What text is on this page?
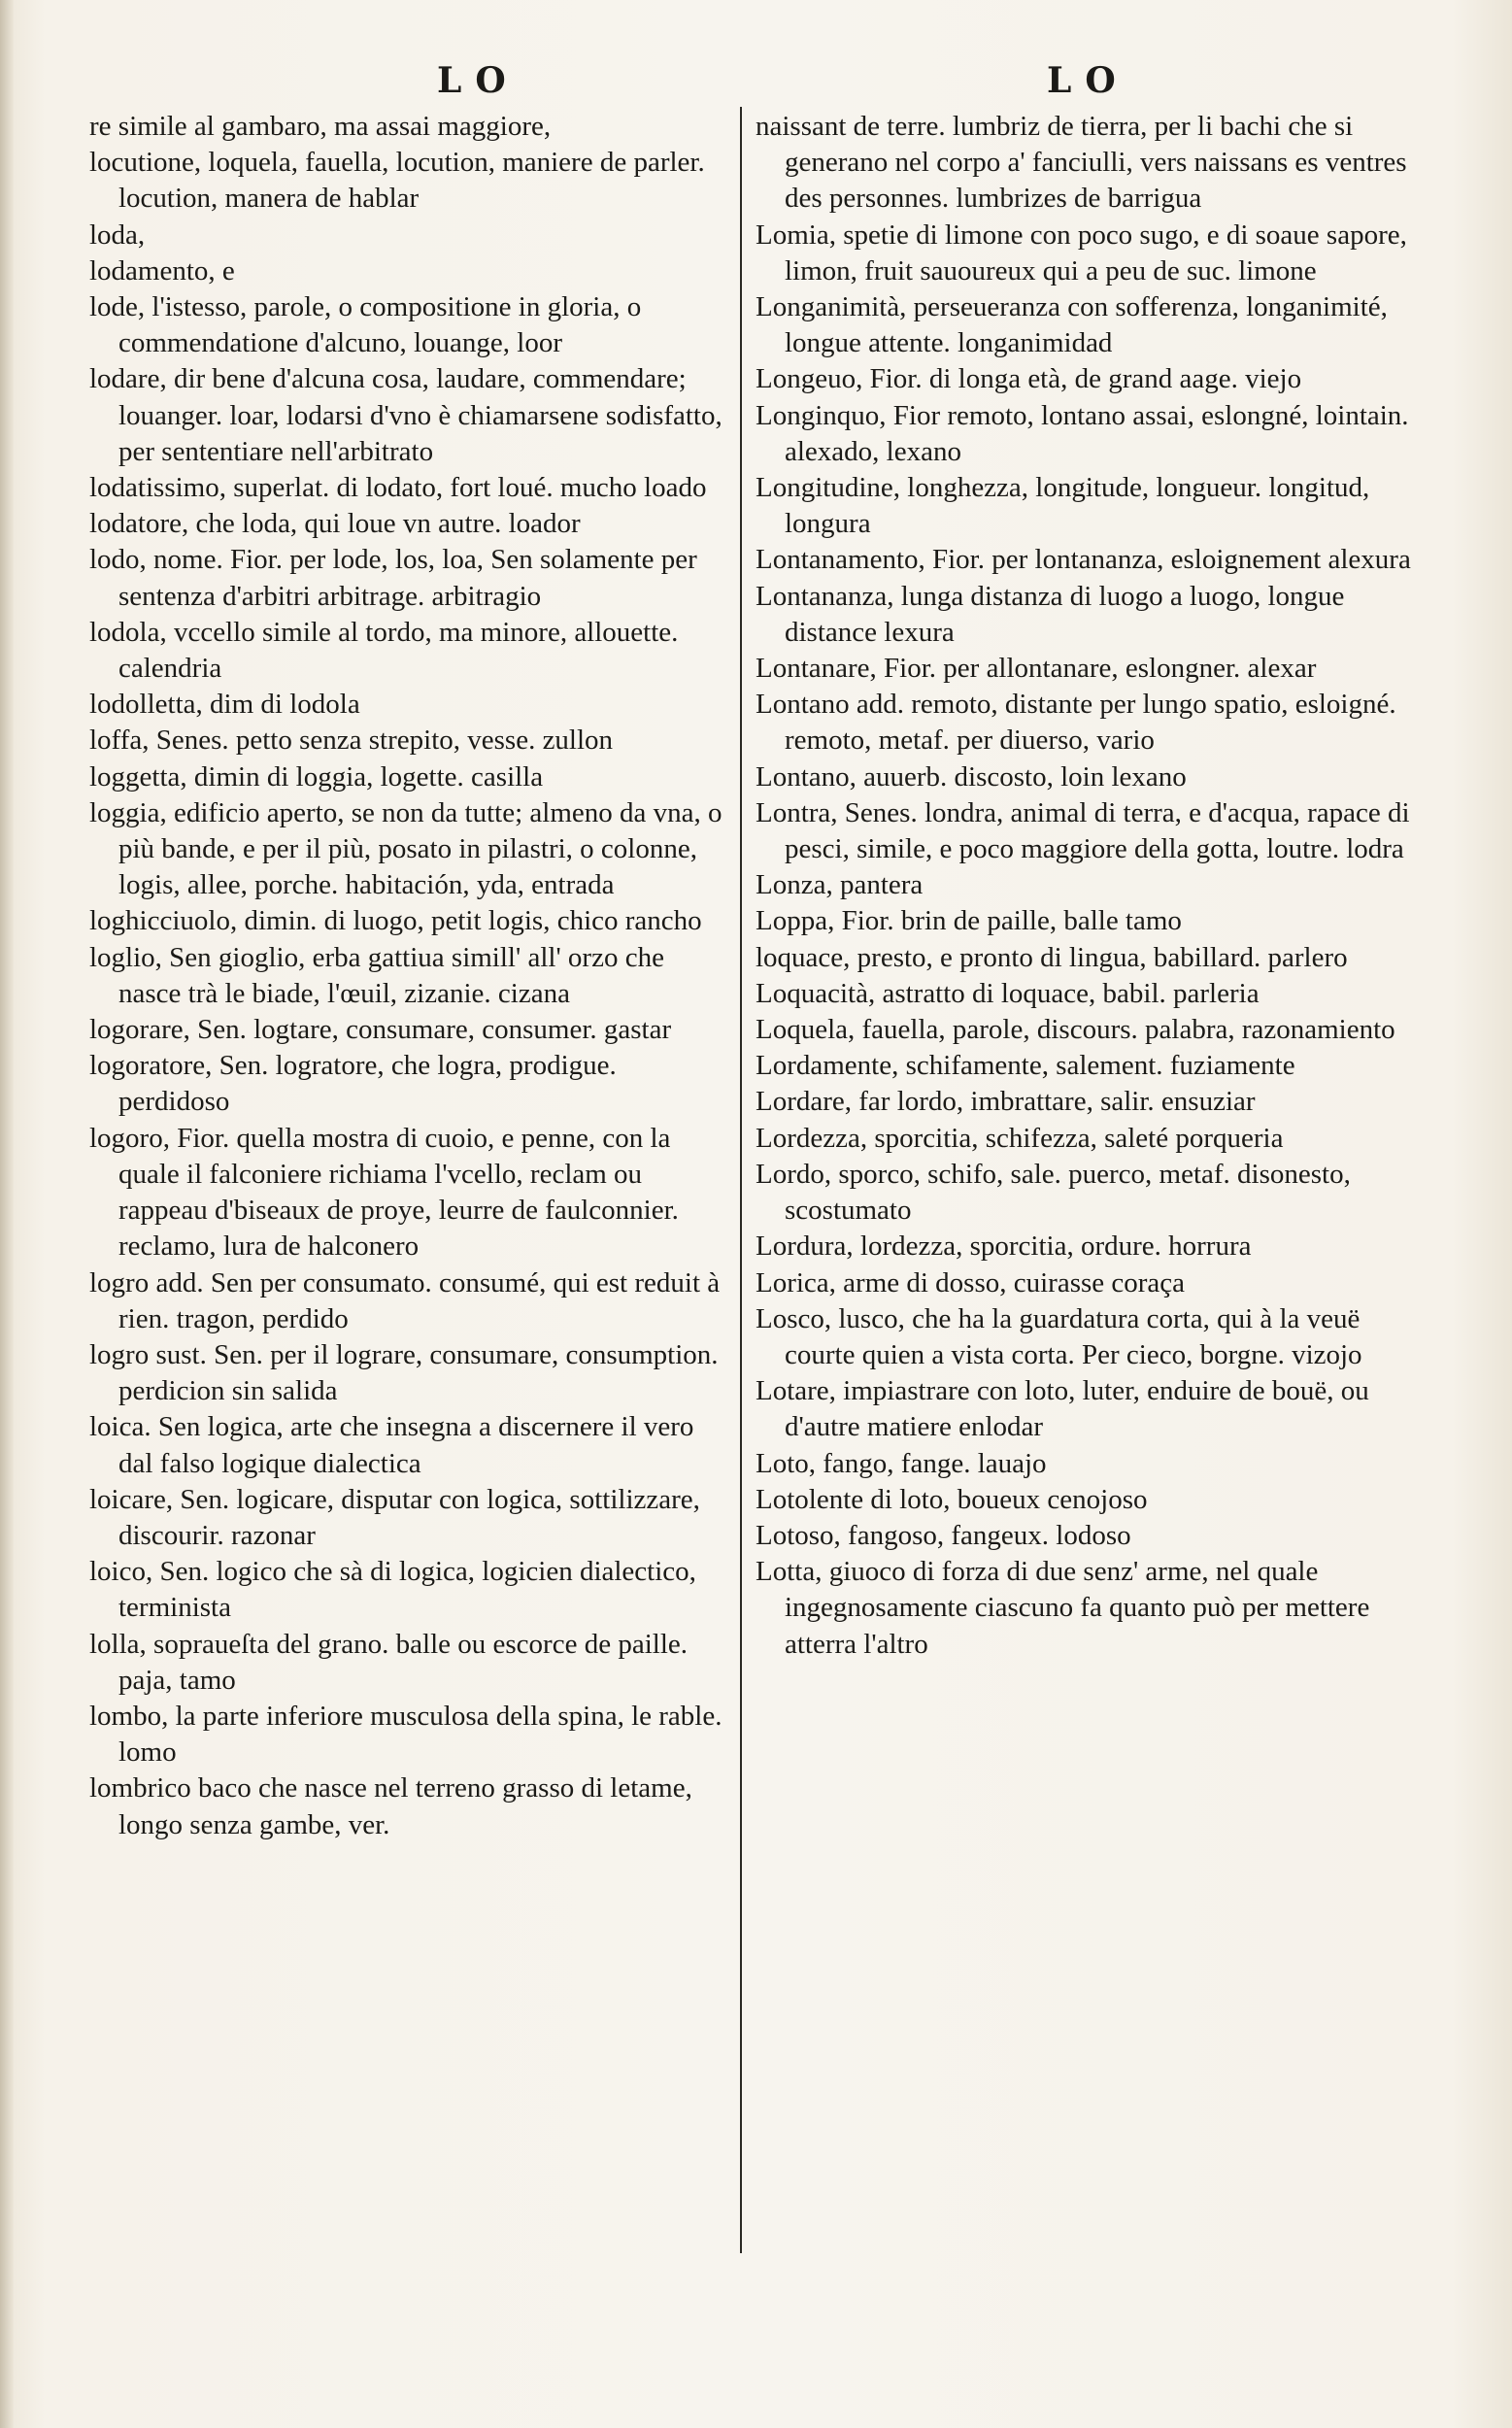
LO	LO

re simile al gambaro, ma assai maggiore,

locutione, loquela, fauella, locution, maniere de parler. locution, manera de hablar

loda,

lodamento, e

lode, l'istesso, parole, o compositione in gloria, o commendatione d'alcuno, louange, loor

lodare, dir bene d'alcuna cosa, laudare, commendare; louanger. loar, lodarsi d'vno è chiamarsene sodisfatto, per sententiare nell'arbitrato

lodatissimo, superlat. di lodato, fort loué. mucho loado

lodatore, che loda, qui loue vn autre. loador

lodo, nome. Fior. per lode, los, loa, Sen solamente per sentenza d'arbitri arbitrage. arbitragio

lodola, vccello simile al tordo, ma minore, allouette. calendria

lodolletta, dim di lodola

loffa, Senes. petto senza strepito, vesse. zullon

loggetta, dimin di loggia, logette. casilla

loggia, edificio aperto, se non da tutte; almeno da vna, o più bande, e per il più, posato in pilastri, o colonne, logis, allee, porche. habitación, yda, entrada

loghicciuolo, dimin. di luogo, petit logis, chico rancho

loglio, Sen gioglio, erba gattiua simill' all' orzo che nasce trà le biade, l'œuil, zizanie. cizana

logorare, Sen. logtare, consumare, consumer. gastar

logoratore, Sen. logratore, che logra, prodigue. perdidoso

logoro, Fior. quella mostra di cuoio, e penne, con la quale il falconiere richiama l'vcello, reclam ou rappeau d'biseaux de proye, leurre de faulconnier. reclamo, lura de halconero

logro add. Sen per consumato. consumé, qui est reduit à rien. tragon, perdido

logro sust. Sen. per il lograre, consumare, consumption. perdicion sin salida

loica. Sen logica, arte che insegna a discernere il vero dal falso logique dialectica

loicare, Sen. logicare, disputar con logica, sottilizzare, discourir. razonar

loico, Sen. logico che sà di logica, logicien dialectico, terminista

lolla, sopraueſta del grano. balle ou escorce de paille. paja, tamo

lombo, la parte inferiore musculosa della spina, le rable. lomo

lombrico baco che nasce nel terreno grasso di letame, longo senza gambe, ver.

naissant de terre. lumbriz de tierra, per li bachi che si generano nel corpo a' fanciulli, vers naissans es ventres des personnes. lumbrizes de barrigua

Lomia, spetie di limone con poco sugo, e di soaue sapore, limon, fruit sauoureux qui a peu de suc. limone

Longanimità, perseueranza con sofferenza, longanimité, longue attente. longanimidad

Longeuo, Fior. di longa età, de grand aage. viejo

Longinquo, Fior remoto, lontano assai, eslongné, lointain. alexado, lexano

Longitudine, longhezza, longitude, longueur. longitud, longura

Lontanamento, Fior. per lontananza, esloignement alexura

Lontananza, lunga distanza di luogo a luogo, longue distance lexura

Lontanare, Fior. per allontanare, eslongner. alexar

Lontano add. remoto, distante per lungo spatio, esloigné. remoto, metaf. per diuerso, vario

Lontano, auuerb. discosto, loin lexano

Lontra, Senes. londra, animal di terra, e d'acqua, rapace di pesci, simile, e poco maggiore della gotta, loutre. lodra

Lonza, pantera

Loppa, Fior. brin de paille, balle tamo

loquace, presto, e pronto di lingua, babillard. parlero

Loquacità, astratto di loquace, babil. parleria

Loquela, fauella, parole, discours. palabra, razonamiento

Lordamente, schifamente, salement. fuziamente

Lordare, far lordo, imbrattare, salir. ensuziar

Lordezza, sporcitia, schifezza, saleté porqueria

Lordo, sporco, schifo, sale. puerco, metaf. disonesto, scostumato

Lordura, lordezza, sporcitia, ordure. horrura

Lorica, arme di dosso, cuirasse coraça

Losco, lusco, che ha la guardatura corta, qui à la veuë courte quien a vista corta. Per cieco, borgne. vizojo

Lotare, impiastrare con loto, luter, enduire de bouë, ou d'autre matiere enlodar

Loto, fango, fange. lauajo

Lotolente di loto, boueux cenojoso

Lotoso, fangoso, fangeux. lodoso

Lotta, giuoco di forza di due senz' arme, nel quale ingegnosamente ciascuno fa quanto può per mettere atterra l'altro
